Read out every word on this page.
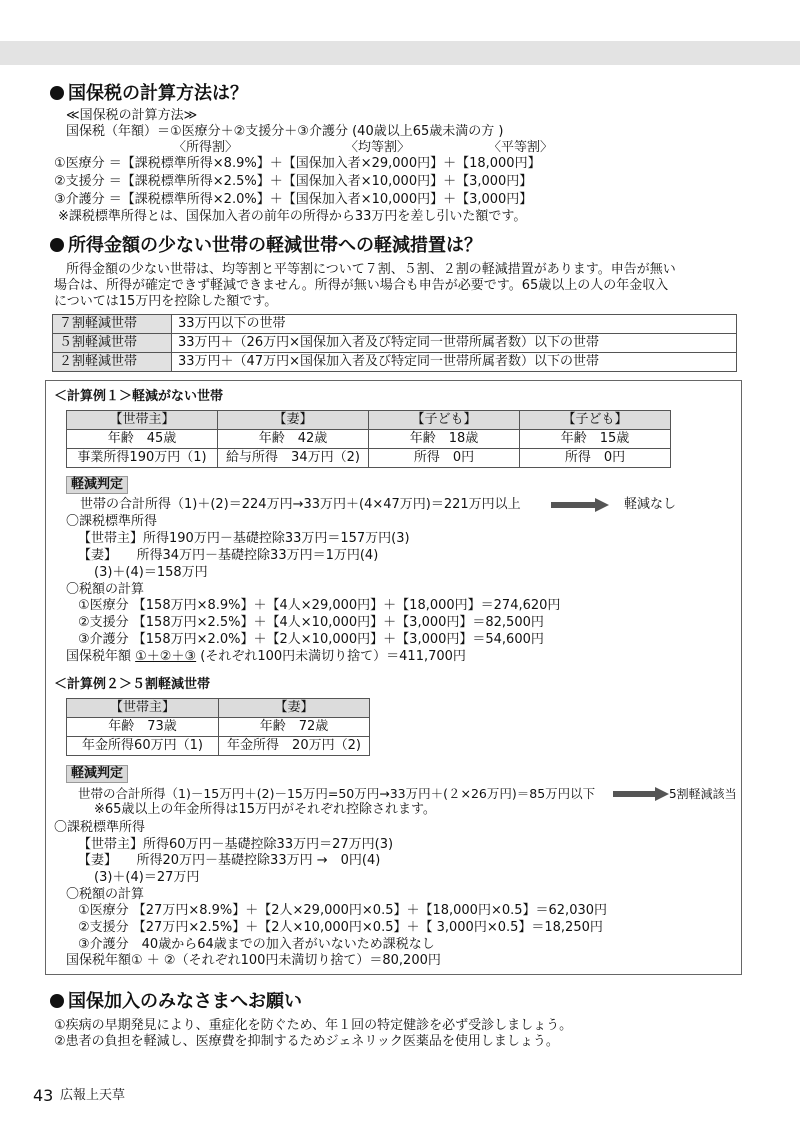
国保税の計算方法は？
≪国保税の計算方法≫
国保税（年額）＝①医療分＋②支援分＋③介護分 (40歳以上65歳未満の方 )
〈所得割〉	〈均等割〉	〈平等割〉
①医療分 ＝【課税標準所得×8.9%】＋【国保加入者×29,000円】＋【18,000円】
②支援分 ＝【課税標準所得×2.5%】＋【国保加入者×10,000円】＋【3,000円】
③介護分 ＝【課税標準所得×2.0%】＋【国保加入者×10,000円】＋【3,000円】
※課税標準所得とは、国保加入者の前年の所得から33万円を差し引いた額です。
所得金額の少ない世帯の軽減世帯への軽減措置は？
所得金額の少ない世帯は、均等割と平等割について７割、５割、２割の軽減措置があります。申告が無い
場合は、所得が確定できず軽減できません。所得が無い場合も申告が必要です。65歳以上の人の年金収入
については15万円を控除した額です。
７割軽減世帯	33万円以下の世帯
５割軽減世帯	33万円＋（26万円×国保加入者及び特定同一世帯所属者数）以下の世帯
２割軽減世帯	33万円＋（47万円×国保加入者及び特定同一世帯所属者数）以下の世帯
＜計算例１＞軽減がない世帯
【世帯主】	【妻】	【子ども】	【子ども】
年齢　45歳	年齢　42歳	年齢　18歳	年齢　15歳
事業所得190万円（1)	給与所得　34万円（2)	所得　0円	所得　0円
軽減判定
世帯の合計所得（1)＋(2)＝224万円→33万円＋(4×47万円)＝221万円以上	軽減なし
〇課税標準所得
【世帯主】所得190万円－基礎控除33万円＝157万円(3)
【妻】　　所得34万円－基礎控除33万円＝1万円(4)
(3)＋(4)＝158万円
〇税額の計算
①医療分 【158万円×8.9%】＋【4人×29,000円】＋【18,000円】＝274,620円
②支援分 【158万円×2.5%】＋【4人×10,000円】＋【3,000円】＝82,500円
③介護分 【158万円×2.0%】＋【2人×10,000円】＋【3,000円】＝54,600円
国保税年額 ①＋②＋③ (それぞれ100円未満切り捨て）＝411,700円
＜計算例２＞５割軽減世帯
【世帯主】	【妻】
年齢　73歳	年齢　72歳
年金所得60万円（1)	年金所得　20万円（2)
軽減判定
世帯の合計所得（1)－15万円＋(2)－15万円=50万円→33万円＋(２×26万円)＝85万円以下	5割軽減該当
※65歳以上の年金所得は15万円がそれぞれ控除されます。
〇課税標準所得
【世帯主】所得60万円－基礎控除33万円＝27万円(3)
【妻】　　所得20万円－基礎控除33万円 →　0円(4)
(3)＋(4)＝27万円
〇税額の計算
①医療分 【27万円×8.9%】＋【2人×29,000円×0.5】＋【18,000円×0.5】＝62,030円
②支援分 【27万円×2.5%】＋【2人×10,000円×0.5】＋【 3,000円×0.5】＝18,250円
③介護分　40歳から64歳までの加入者がいないため課税なし
国保税年額① ＋ ②（それぞれ100円未満切り捨て）＝80,200円
国保加入のみなさまへお願い
①疾病の早期発見により、重症化を防ぐため、年１回の特定健診を必ず受診しましょう。
②患者の負担を軽減し、医療費を抑制するためジェネリック医薬品を使用しましょう。
43 広報上天草
